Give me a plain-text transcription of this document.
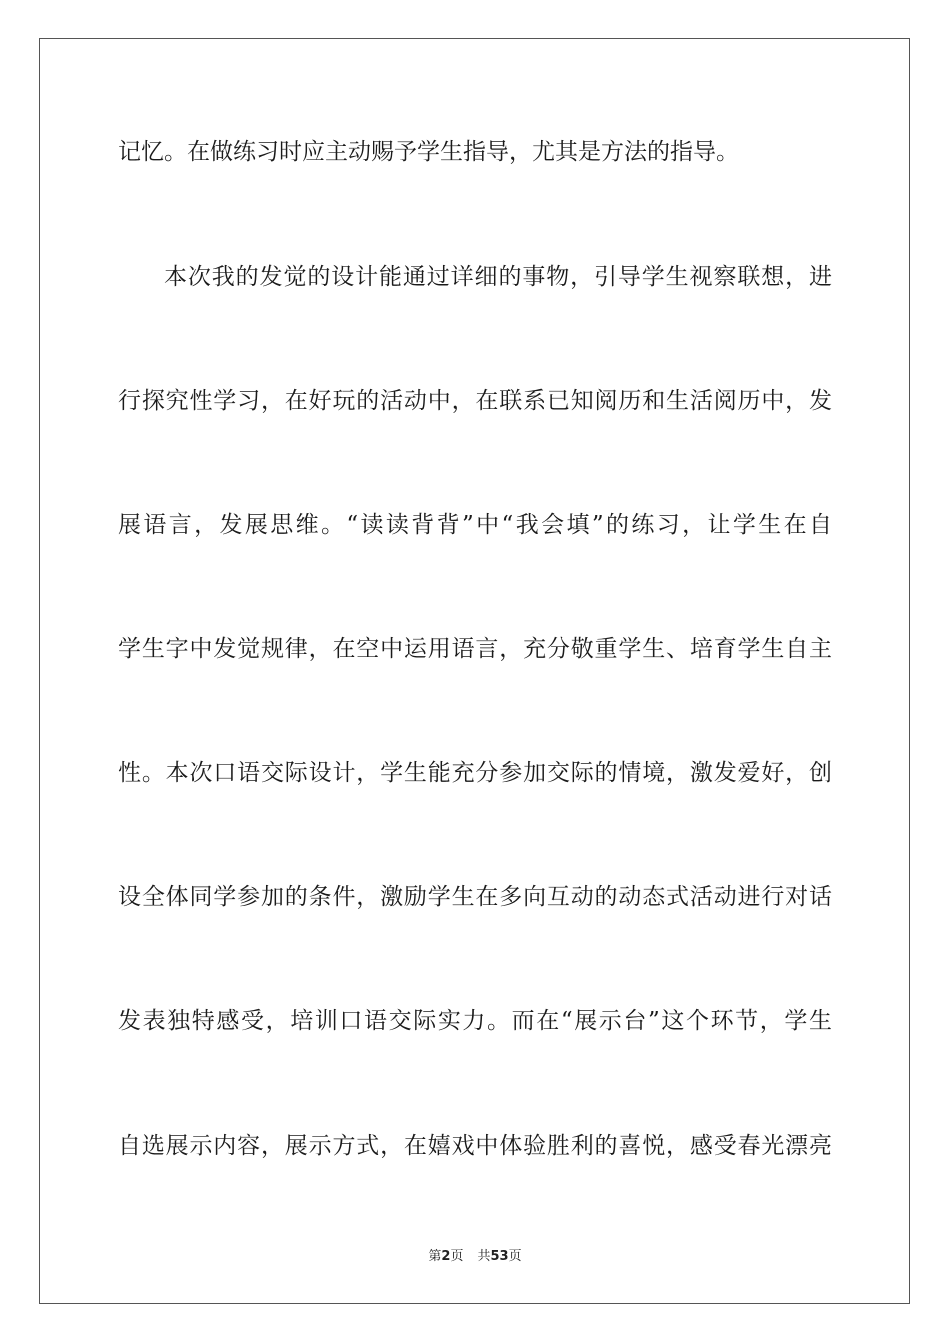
记忆。在做练习时应主动赐予学生指导，尤其是方法的指导。
本次我的发觉的设计能通过详细的事物，引导学生视察联想，进
行探究性学习，在好玩的活动中，在联系已知阅历和生活阅历中，发
展语言，发展思维。“读读背背”中“我会填”的练习，让学生在自
学生字中发觉规律，在空中运用语言，充分敬重学生、培育学生自主
性。本次口语交际设计，学生能充分参加交际的情境，激发爱好，创
设全体同学参加的条件，激励学生在多向互动的动态式活动进行对话
发表独特感受，培训口语交际实力。而在“展示台”这个环节，学生
自选展示内容，展示方式，在嬉戏中体验胜利的喜悦，感受春光漂亮
第2页 共53页
